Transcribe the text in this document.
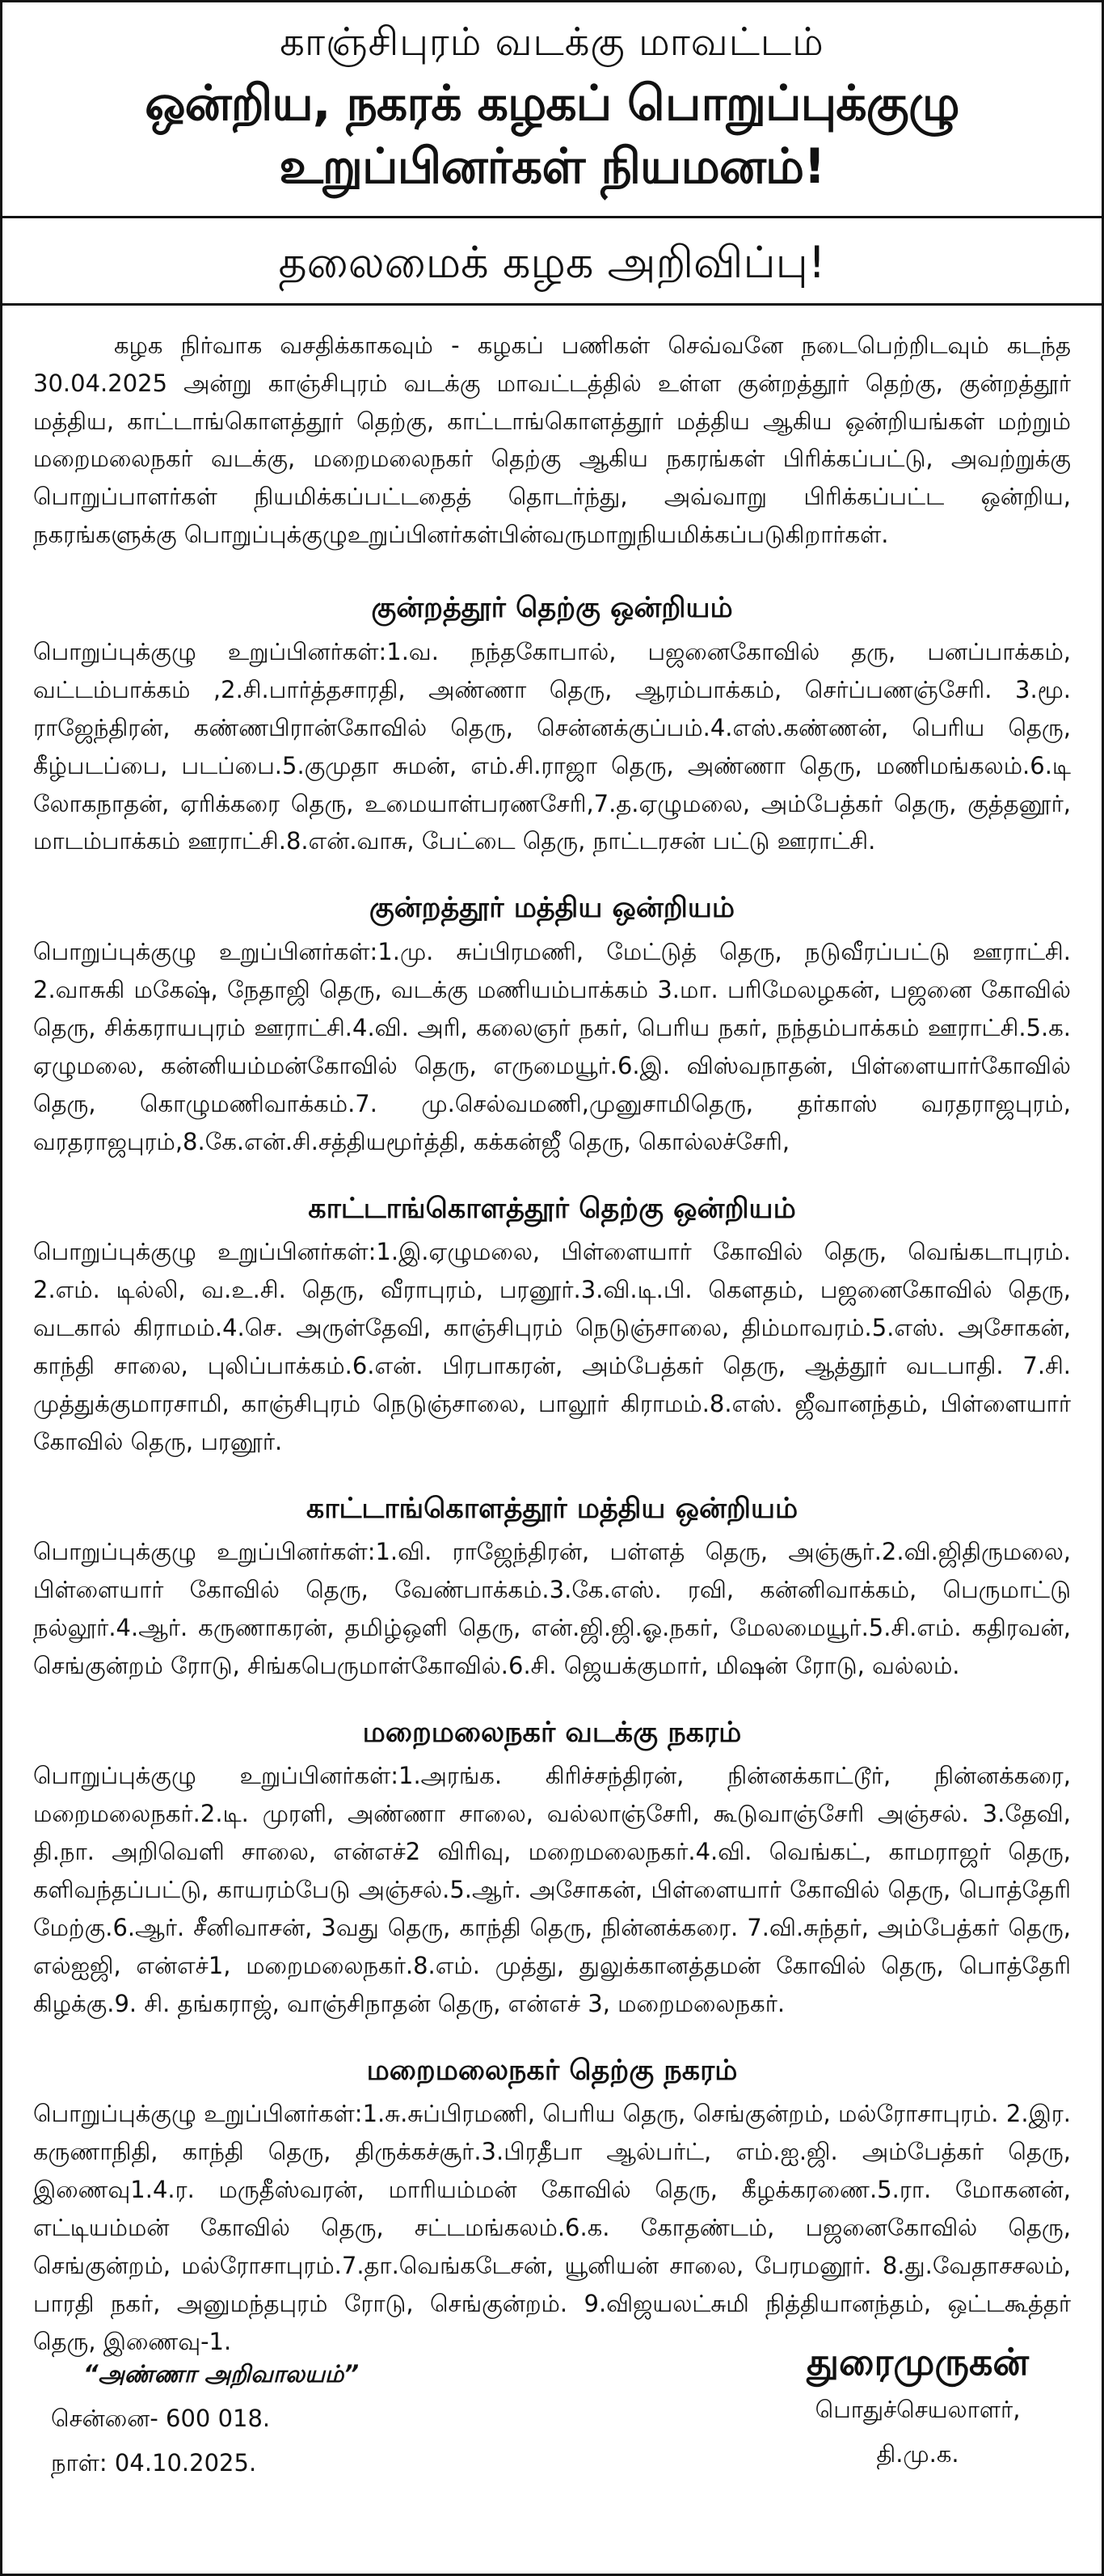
காஞ்சிபுரம் வடக்கு மாவட்டம்
ஒன்றிய, நகரக் கழகப் பொறுப்புக்குழு உறுப்பினர்கள் நியமனம்!
தலைமைக் கழக அறிவிப்பு!

கழக நிர்வாக வசதிக்காகவும் - கழகப் பணிகள் செவ்வனே நடைபெற்றிடவும் கடந்த 30.04.2025 அன்று காஞ்சிபுரம் வடக்கு மாவட்டத்தில் உள்ள குன்றத்தூர் தெற்கு, குன்றத்தூர் மத்திய, காட்டாங்கொளத்தூர் தெற்கு, காட்டாங்கொளத்தூர் மத்திய ஆகிய ஒன்றியங்கள் மற்றும் மறைமலைநகர் வடக்கு, மறைமலைநகர் தெற்கு ஆகிய நகரங்கள் பிரிக்கப்பட்டு, அவற்றுக்கு பொறுப்பாளர்கள் நியமிக்கப்பட்டதைத் தொடர்ந்து, அவ்வாறு பிரிக்கப்பட்ட ஒன்றிய, நகரங்களுக்கு பொறுப்புக்குழுஉறுப்பினர்கள்பின்வருமாறுநியமிக்கப்படுகிறார்கள்.

குன்றத்தூர் தெற்கு ஒன்றியம்

பொறுப்புக்குழு உறுப்பினர்கள்:1.வ. நந்தகோபால், பஜனைகோவில் தரு, பனப்பாக்கம், வட்டம்பாக்கம் ,2.சி.பார்த்தசாரதி, அண்ணா தெரு, ஆரம்பாக்கம், செர்ப்பணஞ்சேரி. 3.மூ. ராஜேந்திரன், கண்ணபிரான்கோவில் தெரு, சென்னக்குப்பம்.4.எஸ்.கண்ணன், பெரிய தெரு, கீழ்படப்பை, படப்பை.5.குமுதா சுமன், எம்.சி.ராஜா தெரு, அண்ணா தெரு, மணிமங்கலம்.6.டி லோகநாதன், ஏரிக்கரை தெரு, உமையாள்பரணசேரி,7.த.ஏழுமலை, அம்பேத்கர் தெரு, குத்தனூர், மாடம்பாக்கம் ஊராட்சி.8.என்.வாசு, பேட்டை தெரு, நாட்டரசன் பட்டு ஊராட்சி.

குன்றத்தூர் மத்திய ஒன்றியம்

பொறுப்புக்குழு உறுப்பினர்கள்:1.மு. சுப்பிரமணி, மேட்டுத் தெரு, நடுவீரப்பட்டு ஊராட்சி. 2.வாசுகி மகேஷ், நேதாஜி தெரு, வடக்கு மணியம்பாக்கம் 3.மா. பரிமேலழகன், பஜனை கோவில் தெரு, சிக்கராயபுரம் ஊராட்சி.4.வி. அரி, கலைஞர் நகர், பெரிய நகர், நந்தம்பாக்கம் ஊராட்சி.5.க. ஏழுமலை, கன்னியம்மன்கோவில் தெரு, எருமையூர்.6.இ. விஸ்வநாதன், பிள்ளையார்கோவில் தெரு, கொழுமணிவாக்கம்.7. மு.செல்வமணி,முனுசாமிதெரு, தர்காஸ் வரதராஜபுரம், வரதராஜபுரம்,8.கே.என்.சி.சத்தியமூர்த்தி, கக்கன்ஜீ தெரு, கொல்லச்சேரி,

காட்டாங்கொளத்தூர் தெற்கு ஒன்றியம்

பொறுப்புக்குழு உறுப்பினர்கள்:1.இ.ஏழுமலை, பிள்ளையார் கோவில் தெரு, வெங்கடாபுரம். 2.எம். டில்லி, வ.உ.சி. தெரு, வீராபுரம், பரனூர்.3.வி.டி.பி. கௌதம், பஜனைகோவில் தெரு, வடகால் கிராமம்.4.செ. அருள்தேவி, காஞ்சிபுரம் நெடுஞ்சாலை, திம்மாவரம்.5.எஸ். அசோகன், காந்தி சாலை, புலிப்பாக்கம்.6.என். பிரபாகரன், அம்பேத்கர் தெரு, ஆத்தூர் வடபாதி. 7.சி. முத்துக்குமாரசாமி, காஞ்சிபுரம் நெடுஞ்சாலை, பாலூர் கிராமம்.8.எஸ். ஜீவானந்தம், பிள்ளையார் கோவில் தெரு, பரனூர்.

காட்டாங்கொளத்தூர் மத்திய ஒன்றியம்

பொறுப்புக்குழு உறுப்பினர்கள்:1.வி. ராஜேந்திரன், பள்ளத் தெரு, அஞ்சூர்.2.வி.ஜிதிருமலை, பிள்ளையார் கோவில் தெரு, வேண்பாக்கம்.3.கே.எஸ். ரவி, கன்னிவாக்கம், பெருமாட்டு நல்லூர்.4.ஆர். கருணாகரன், தமிழ்ஒளி தெரு, என்.ஜி.ஜி.ஓ.நகர், மேலமையூர்.5.சி.எம். கதிரவன், செங்குன்றம் ரோடு, சிங்கபெருமாள்கோவில்.6.சி. ஜெயக்குமார், மிஷன் ரோடு, வல்லம்.

மறைமலைநகர் வடக்கு நகரம்

பொறுப்புக்குழு உறுப்பினர்கள்:1.அரங்க. கிரிச்சந்திரன், நின்னக்காட்டூர், நின்னக்கரை, மறைமலைநகர்.2.டி. முரளி, அண்ணா சாலை, வல்லாஞ்சேரி, கூடுவாஞ்சேரி அஞ்சல். 3.தேவி, தி.நா. அறிவெளி சாலை, என்எச்2 விரிவு, மறைமலைநகர்.4.வி. வெங்கட், காமராஜர் தெரு, களிவந்தப்பட்டு, காயரம்பேடு அஞ்சல்.5.ஆர். அசோகன், பிள்ளையார் கோவில் தெரு, பொத்தேரி மேற்கு.6.ஆர். சீனிவாசன், 3வது தெரு, காந்தி தெரு, நின்னக்கரை. 7.வி.சுந்தர், அம்பேத்கர் தெரு, எல்ஐஜி, என்எச்1, மறைமலைநகர்.8.எம். முத்து, துலுக்கானத்தமன் கோவில் தெரு, பொத்தேரி கிழக்கு.9. சி. தங்கராஜ், வாஞ்சிநாதன் தெரு, என்எச் 3, மறைமலைநகர்.

மறைமலைநகர் தெற்கு நகரம்

பொறுப்புக்குழு உறுப்பினர்கள்:1.சு.சுப்பிரமணி, பெரிய தெரு, செங்குன்றம், மல்ரோசாபுரம். 2.இர. கருணாநிதி, காந்தி தெரு, திருக்கச்சூர்.3.பிரதீபா ஆல்பர்ட், எம்.ஐ.ஜி. அம்பேத்கர் தெரு, இணைவு1.4.ர. மருதீஸ்வரன், மாரியம்மன் கோவில் தெரு, கீழக்கரணை.5.ரா. மோகனன், எட்டியம்மன் கோவில் தெரு, சட்டமங்கலம்.6.க. கோதண்டம், பஜனைகோவில் தெரு, செங்குன்றம், மல்ரோசாபுரம்.7.தா.வெங்கடேசன், யூனியன் சாலை, பேரமனூர். 8.து.வேதாசசலம், பாரதி நகர், அனுமந்தபுரம் ரோடு, செங்குன்றம். 9.விஜயலட்சுமி நித்தியானந்தம், ஒட்டகூத்தர் தெரு, இணைவு-1.

“அண்ணா அறிவாலயம்”
சென்னை- 600 018.
நாள்: 04.10.2025.
துரைமுருகன்
பொதுச்செயலாளர்,
தி.மு.க.
